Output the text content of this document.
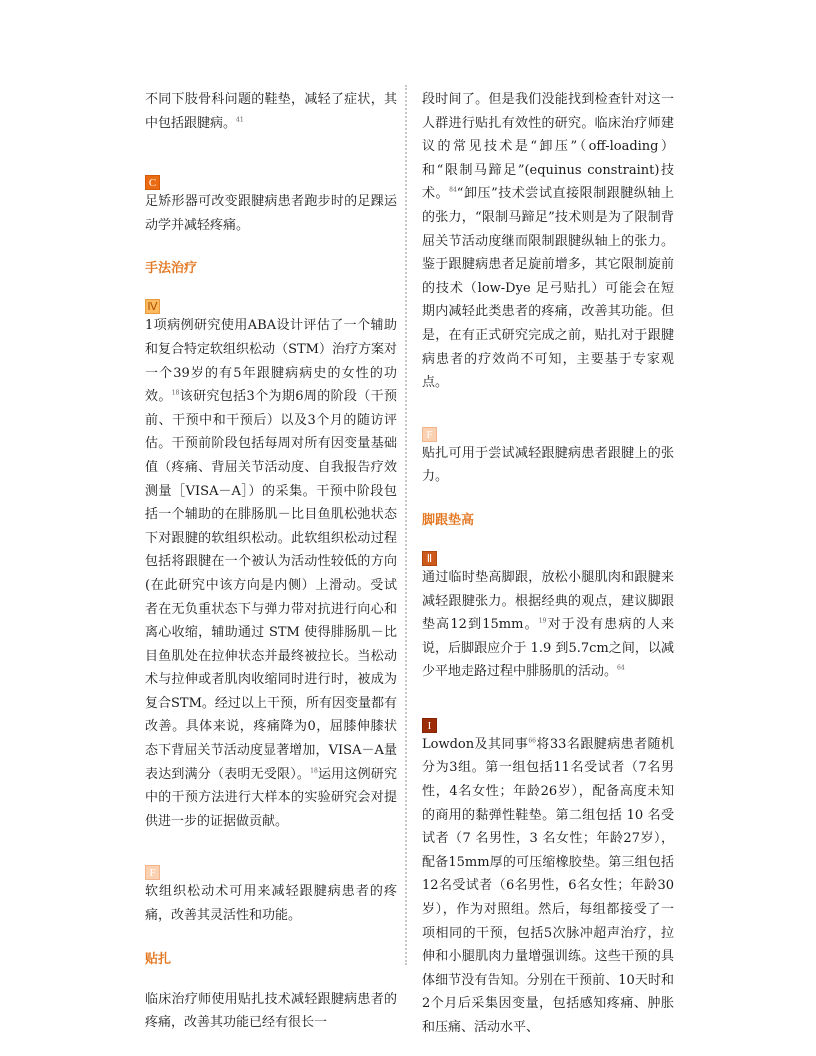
不同下肢骨科问题的鞋垫，减轻了症状，其中包括跟腱病。$^{41}$

C

足矫形器可改变跟腱病患者跑步时的足踝运动学并减轻疼痛。

手法治疗
Ⅳ

1项病例研究使用ABA设计评估了一个辅助和复合特定软组织松动（STM）治疗方案对一个39岁的有5年跟腱病病史的女性的功效。$^{18}$该研究包括3个为期6周的阶段（干预前、干预中和干预后）以及3个月的随访评估。干预前阶段包括每周对所有因变量基础值（疼痛、背屈关节活动度、自我报告疗效测量［VISA－A］）的采集。干预中阶段包括一个辅助的在腓肠肌－比目鱼肌松弛状态下对跟腱的软组织松动。此软组织松动过程包括将跟腱在一个被认为活动性较低的方向(在此研究中该方向是内侧）上滑动。受试者在无负重状态下与弹力带对抗进行向心和离心收缩，辅助通过 STM 使得腓肠肌－比目鱼肌处在拉伸状态并最终被拉长。当松动术与拉伸或者肌肉收缩同时进行时，被成为复合STM。经过以上干预，所有因变量都有改善。具体来说，疼痛降为0，屈膝伸膝状态下背屈关节活动度显著增加，VISA－A量表达到满分（表明无受限）。$^{18}$运用这例研究中的干预方法进行大样本的实验研究会对提供进一步的证据做贡献。

F

软组织松动术可用来减轻跟腱病患者的疼痛，改善其灵活性和功能。

贴扎

临床治疗师使用贴扎技术减轻跟腱病患者的疼痛，改善其功能已经有很长一

段时间了。但是我们没能找到检查针对这一人群进行贴扎有效性的研究。临床治疗师建议的常见技术是“卸压”（off-loading）和“限制马蹄足”(equinus constraint)技术。$^{84}$“卸压”技术尝试直接限制跟腱纵轴上的张力，“限制马蹄足”技术则是为了限制背屈关节活动度继而限制跟腱纵轴上的张力。鉴于跟腱病患者足旋前增多，其它限制旋前的技术（low-Dye 足弓贴扎）可能会在短期内减轻此类患者的疼痛，改善其功能。但是，在有正式研究完成之前，贴扎对于跟腱病患者的疗效尚不可知，主要基于专家观点。

F

贴扎可用于尝试减轻跟腱病患者跟腱上的张力。

脚跟垫高
Ⅱ

通过临时垫高脚跟，放松小腿肌肉和跟腱来减轻跟腱张力。根据经典的观点，建议脚跟垫高12到15mm。$^{19}$对于没有患病的人来说，后脚跟应介于 1.9 到5.7cm之间，以减少平地走路过程中腓肠肌的活动。$^{64}$

I

Lowdon及其同事$^{66}$将33名跟腱病患者随机分为3组。第一组包括11名受试者（7名男性，4名女性；年龄26岁），配备高度未知的商用的黏弹性鞋垫。第二组包括 10 名受试者（7 名男性，3 名女性；年龄27岁），配备15mm厚的可压缩橡胶垫。第三组包括12名受试者（6名男性，6名女性；年龄30岁），作为对照组。然后，每组都接受了一项相同的干预，包括5次脉冲超声治疗，拉伸和小腿肌肉力量增强训练。这些干预的具体细节没有告知。分别在干预前、10天时和2个月后采集因变量，包括感知疼痛、肿胀和压痛、活动水平、
